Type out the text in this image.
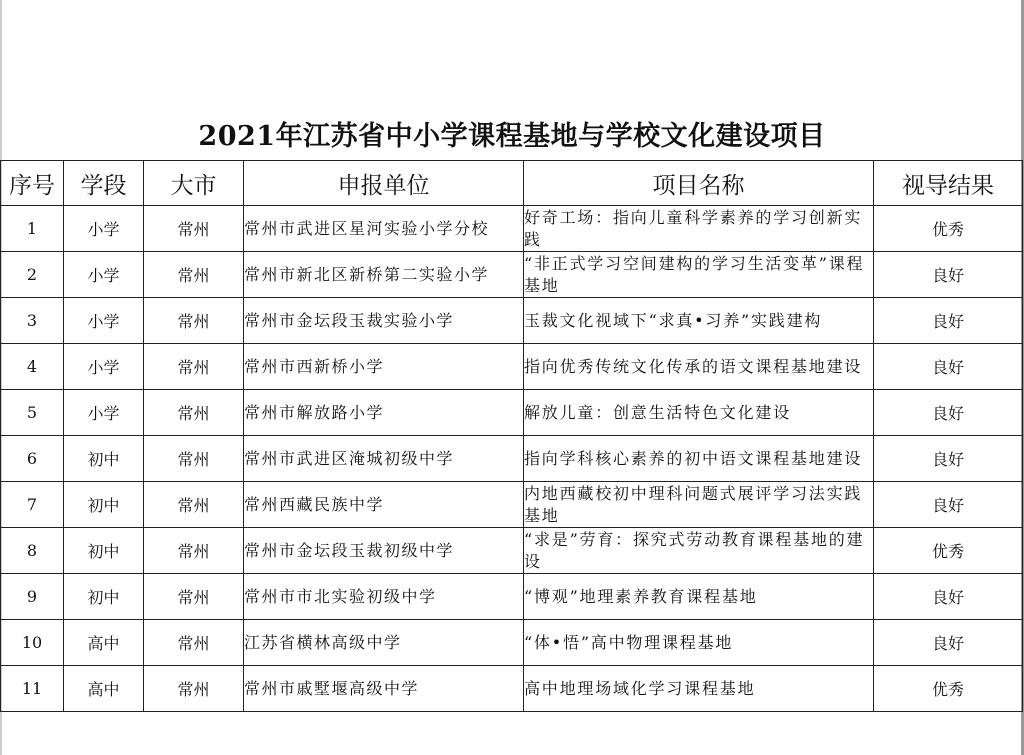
2021年江苏省中小学课程基地与学校文化建设项目
序号	学段	大市	申报单位	项目名称	视导结果
1	小学	常州	常州市武进区星河实验小学分校	好奇工场：指向儿童科学素养的学习创新实践	优秀
2	小学	常州	常州市新北区新桥第二实验小学	“非正式学习空间建构的学习生活变革”课程基地	良好
3	小学	常州	常州市金坛段玉裁实验小学	玉裁文化视域下“求真•习养”实践建构	良好
4	小学	常州	常州市西新桥小学	指向优秀传统文化传承的语文课程基地建设	良好
5	小学	常州	常州市解放路小学	解放儿童：创意生活特色文化建设	良好
6	初中	常州	常州市武进区淹城初级中学	指向学科核心素养的初中语文课程基地建设	良好
7	初中	常州	常州西藏民族中学	内地西藏校初中理科问题式展评学习法实践基地	良好
8	初中	常州	常州市金坛段玉裁初级中学	“求是”劳育：探究式劳动教育课程基地的建设	优秀
9	初中	常州	常州市市北实验初级中学	“博观”地理素养教育课程基地	良好
10	高中	常州	江苏省横林高级中学	“体•悟”高中物理课程基地	良好
11	高中	常州	常州市戚墅堰高级中学	高中地理场域化学习课程基地	优秀
